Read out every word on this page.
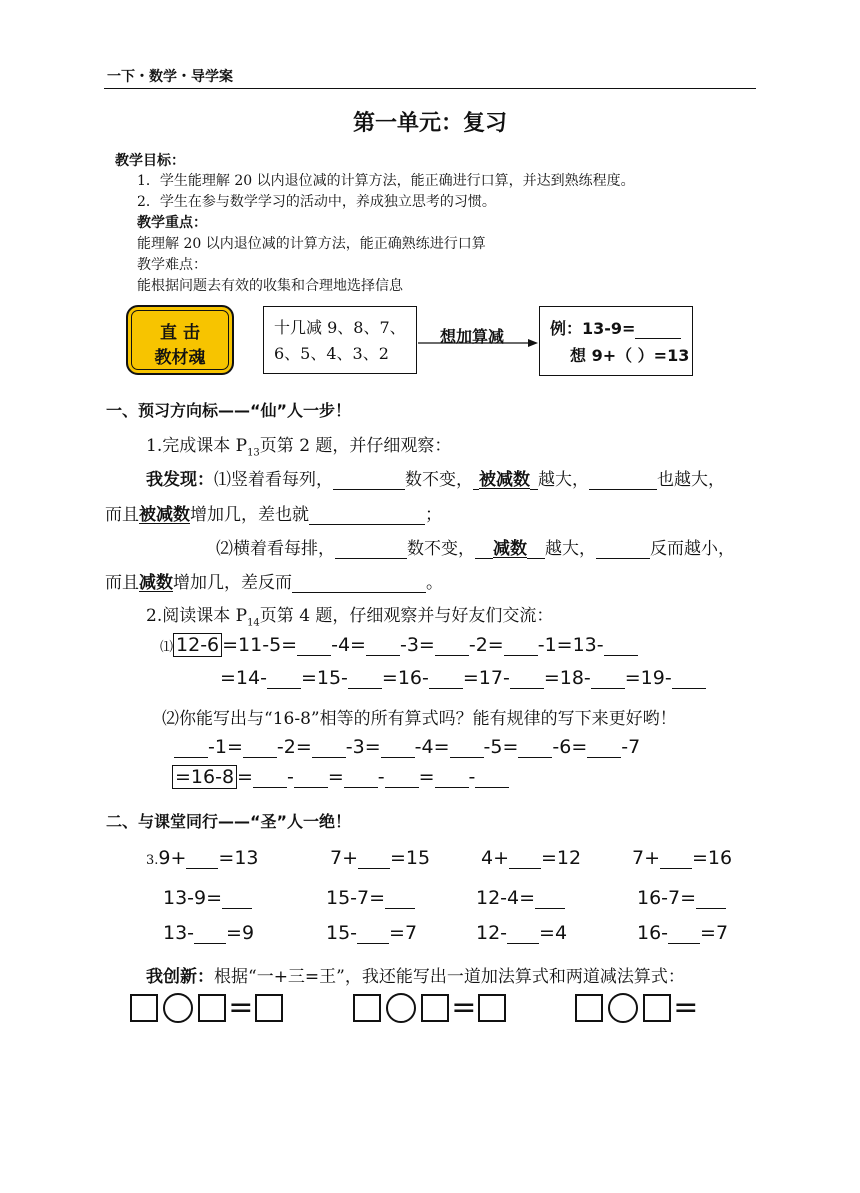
一下・数学・导学案
第一单元：复习
教学目标：
1．学生能理解 20 以内退位减的计算方法，能正确进行口算，并达到熟练程度。
2．学生在参与数学学习的活动中，养成独立思考的习惯。
教学重点：
能理解 20 以内退位减的计算方法，能正确熟练进行口算
教学难点：
能根据问题去有效的收集和合理地选择信息
直 击
教材魂
十几减 9、8、7、
6、5、4、3、2
想加算减	例：13-9=
想 9+（ ）=13
一、预习方向标——“仙”人一步！
1.完成课本 $P_{13}$页第 2 题，并仔细观察：
我发现：⑴竖着看每列，	数不变， 被减数 越大，	也越大，
而且被减数增加几，差也就	；
⑵横着看每排，	数不变， 减数 越大，	反而越小，
而且减数增加几，差反而	。
2.阅读课本 $P_{14}$页第 4 题，仔细观察并与好友们交流：
⑴ 12-6 =11-5= -4= -3= -2= -1=13-
=14- =15- =16- =17- =18- =19-
⑵你能写出与“16-8”相等的所有算式吗？能有规律的写下来更好哟！
-1= -2= -3= -4= -5= -6= -7
=16-8 = - = - = -
二、与课堂同行——“圣”人一绝！
3.9+ =13	7+ =15	4+ =12	7+ =16
13-9=	15-7=	12-4=	16-7=
13- =9	15- =7	12- =4	16- =7
我创新：根据“一+三=王”，我还能写出一道加法算式和两道减法算式：
=	=	=
